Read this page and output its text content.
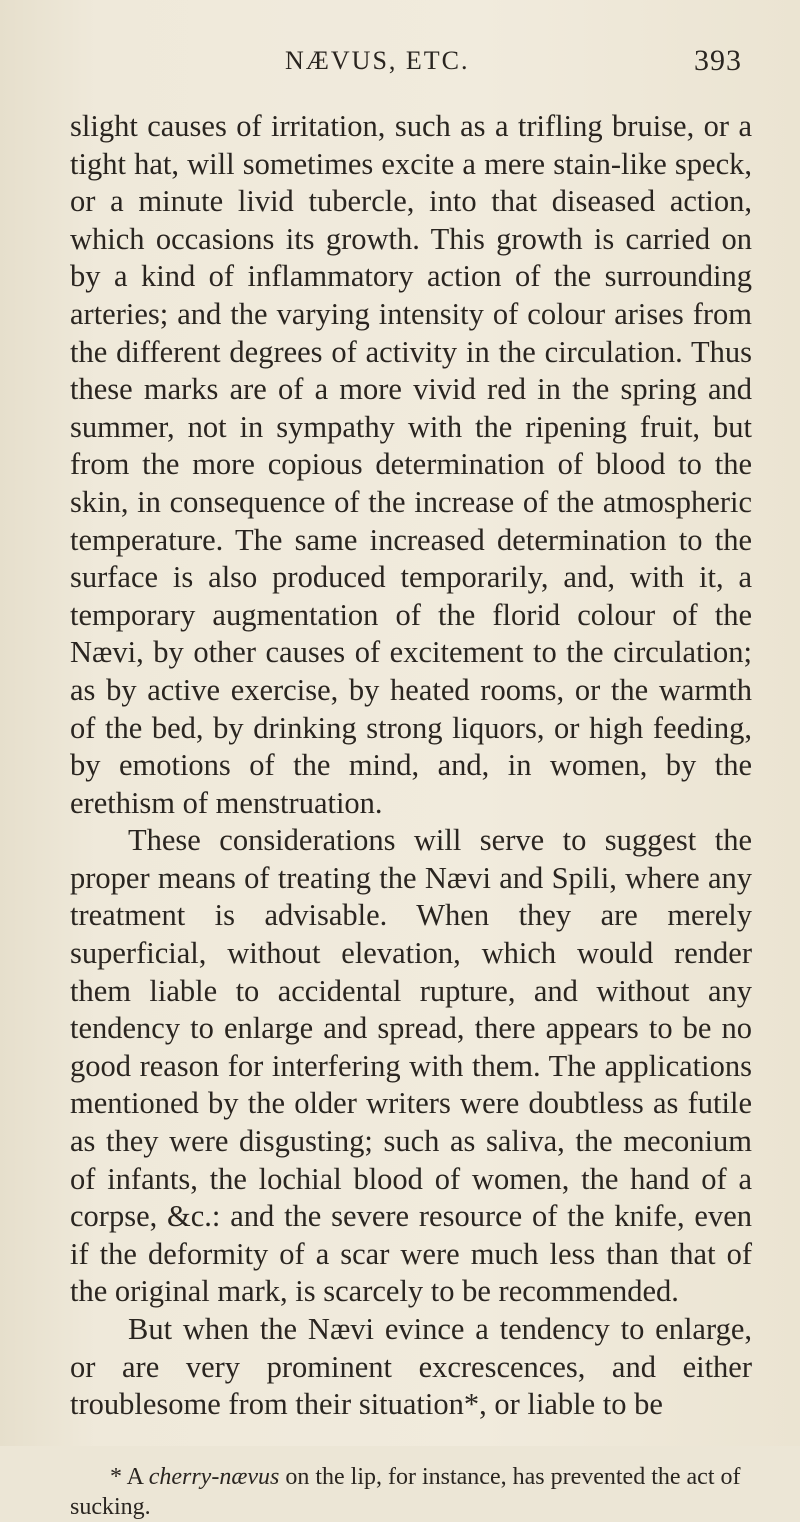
NÆVUS, ETC.	393

slight causes of irritation, such as a trifling bruise, or a tight hat, will sometimes excite a mere stain-like speck, or a minute livid tubercle, into that diseased action, which occasions its growth. This growth is carried on by a kind of inflammatory action of the surrounding arteries; and the varying intensity of colour arises from the different degrees of activity in the circulation. Thus these marks are of a more vivid red in the spring and summer, not in sympathy with the ripening fruit, but from the more copious determination of blood to the skin, in consequence of the increase of the atmospheric temperature. The same increased determination to the surface is also produced temporarily, and, with it, a temporary augmentation of the florid colour of the Nævi, by other causes of excitement to the circulation; as by active exercise, by heated rooms, or the warmth of the bed, by drinking strong liquors, or high feeding, by emotions of the mind, and, in women, by the erethism of menstruation.

These considerations will serve to suggest the proper means of treating the Nævi and Spili, where any treatment is advisable. When they are merely superficial, without elevation, which would render them liable to accidental rupture, and without any tendency to enlarge and spread, there appears to be no good reason for interfering with them. The applications mentioned by the older writers were doubtless as futile as they were disgusting; such as saliva, the meconium of infants, the lochial blood of women, the hand of a corpse, &c.: and the severe resource of the knife, even if the deformity of a scar were much less than that of the original mark, is scarcely to be recommended.

But when the Nævi evince a tendency to enlarge, or are very prominent excrescences, and either troublesome from their situation*, or liable to be

* A cherry-nævus on the lip, for instance, has prevented the act of sucking.
